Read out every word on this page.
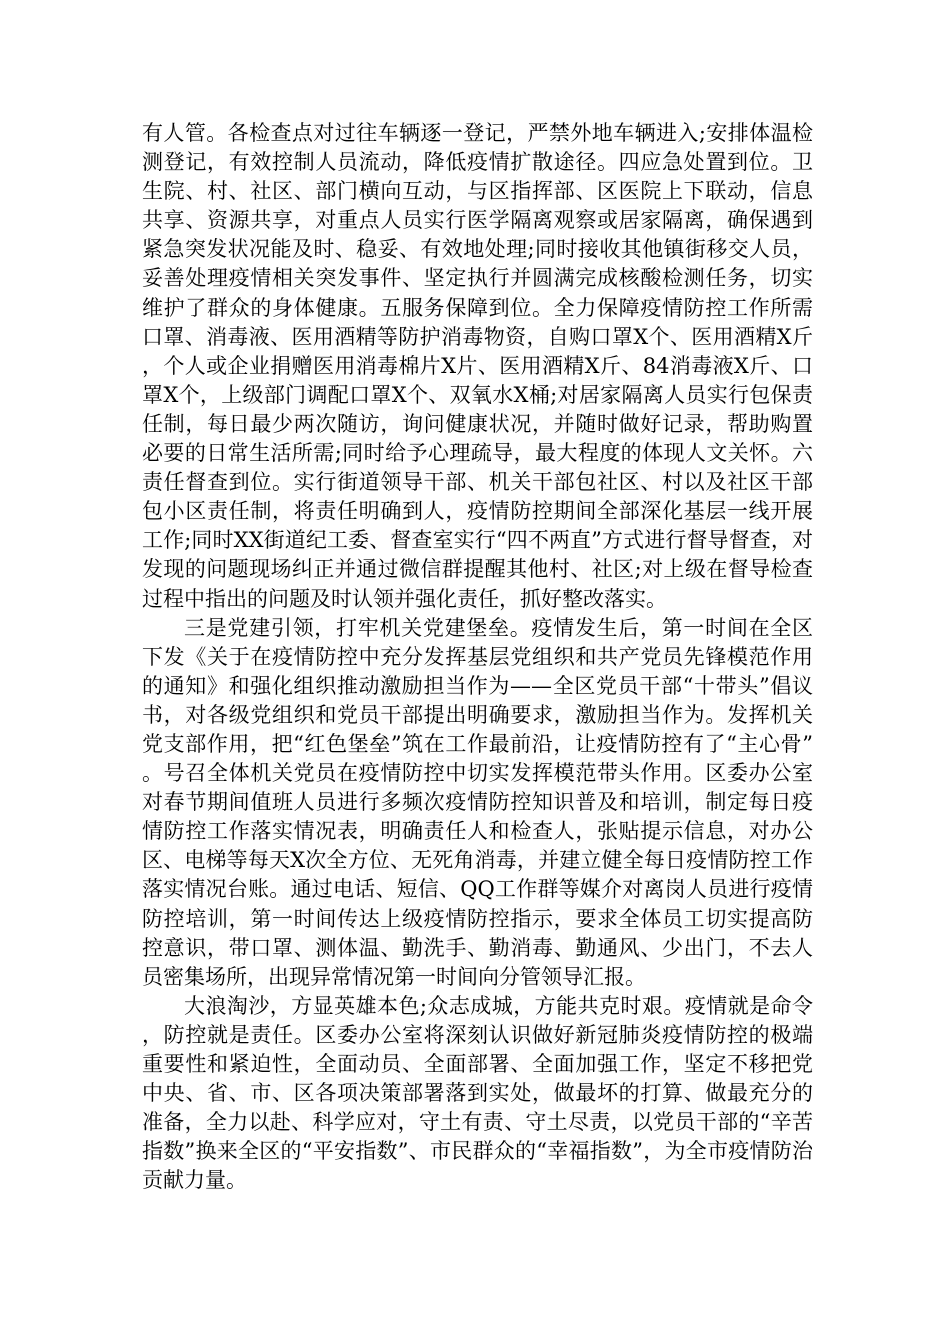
有人管。各检查点对过往车辆逐一登记，严禁外地车辆进入;安排体温检测登记，有效控制人员流动，降低疫情扩散途径。四应急处置到位。卫生院、村、社区、部门横向互动，与区指挥部、区医院上下联动，信息共享、资源共享，对重点人员实行医学隔离观察或居家隔离，确保遇到紧急突发状况能及时、稳妥、有效地处理;同时接收其他镇街移交人员，妥善处理疫情相关突发事件、坚定执行并圆满完成核酸检测任务，切实维护了群众的身体健康。五服务保障到位。全力保障疫情防控工作所需口罩、消毒液、医用酒精等防护消毒物资，自购口罩X个、医用酒精X斤，个人或企业捐赠医用消毒棉片X片、医用酒精X斤、84消毒液X斤、口罩X个，上级部门调配口罩X个、双氧水X桶;对居家隔离人员实行包保责任制，每日最少两次随访，询问健康状况，并随时做好记录，帮助购置必要的日常生活所需;同时给予心理疏导，最大程度的体现人文关怀。六责任督查到位。实行街道领导干部、机关干部包社区、村以及社区干部包小区责任制，将责任明确到人，疫情防控期间全部深化基层一线开展工作;同时XX街道纪工委、督查室实行“四不两直”方式进行督导督查，对发现的问题现场纠正并通过微信群提醒其他村、社区;对上级在督导检查过程中指出的问题及时认领并强化责任，抓好整改落实。

三是党建引领，打牢机关党建堡垒。疫情发生后，第一时间在全区下发《关于在疫情防控中充分发挥基层党组织和共产党员先锋模范作用的通知》和强化组织推动激励担当作为——全区党员干部“十带头”倡议书，对各级党组织和党员干部提出明确要求，激励担当作为。发挥机关党支部作用，把“红色堡垒”筑在工作最前沿，让疫情防控有了“主心骨”。号召全体机关党员在疫情防控中切实发挥模范带头作用。区委办公室对春节期间值班人员进行多频次疫情防控知识普及和培训，制定每日疫情防控工作落实情况表，明确责任人和检查人，张贴提示信息，对办公区、电梯等每天X次全方位、无死角消毒，并建立健全每日疫情防控工作落实情况台账。通过电话、短信、QQ工作群等媒介对离岗人员进行疫情防控培训，第一时间传达上级疫情防控指示，要求全体员工切实提高防控意识，带口罩、测体温、勤洗手、勤消毒、勤通风、少出门，不去人员密集场所，出现异常情况第一时间向分管领导汇报。

大浪淘沙，方显英雄本色;众志成城，方能共克时艰。疫情就是命令，防控就是责任。区委办公室将深刻认识做好新冠肺炎疫情防控的极端重要性和紧迫性，全面动员、全面部署、全面加强工作，坚定不移把党中央、省、市、区各项决策部署落到实处，做最坏的打算、做最充分的准备，全力以赴、科学应对，守土有责、守土尽责，以党员干部的“辛苦指数”换来全区的“平安指数”、市民群众的“幸福指数”，为全市疫情防治贡献力量。
